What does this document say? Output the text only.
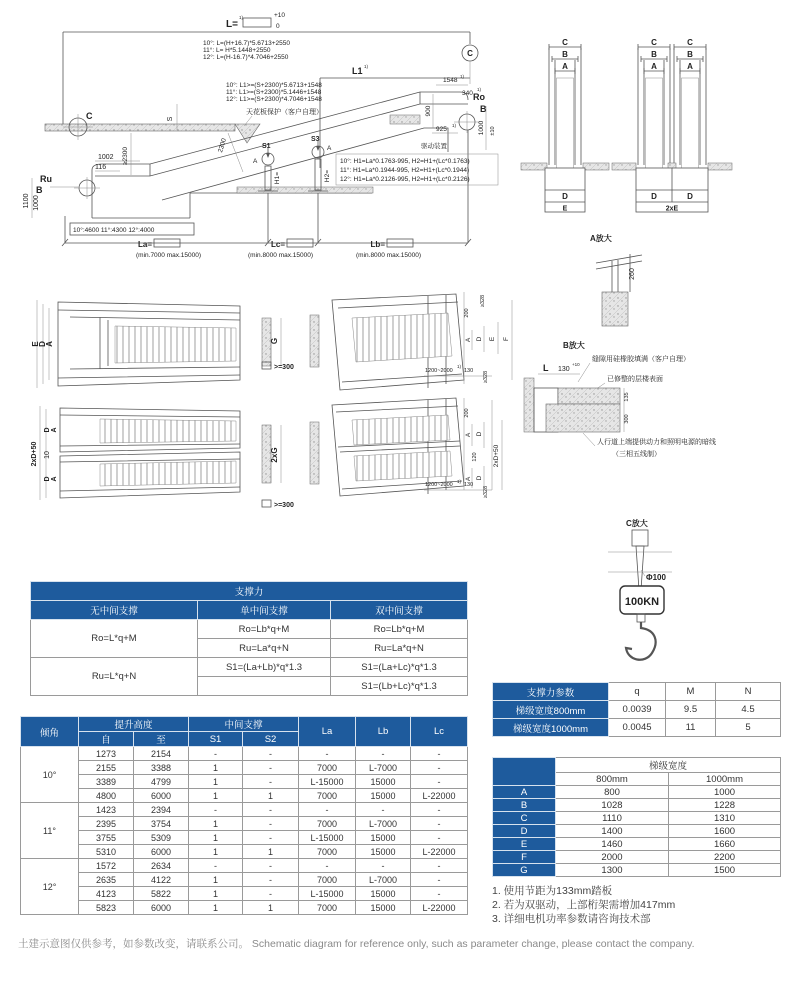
L=
1)	+10
0
10°: L=(H+16.7)*5.6713+2550
11°: L= H*5.1448+2550
12°: L=(H-16.7)*4.7046+2550
L1 1)
10°: L1>=(S+2300)*5.6713+1548
11°: L1>=(S+2300)*5.1446+1548
12°: L1>=(S+2300)*4.7046+1548
天花板保护（客户自理）
C
C
Ru
B
1002
116
1100 1000
≥2300
S
2300
Ro
B
1548
1)
340
1)
900
925
1)	1000 ±10
驱动装置
10°: H1=La*0.1763-995, H2=H1+(Lc*0.1763)
11°: H1=La*0.1944-995, H2=H1+(Lc*0.1944)
12°: H1=La*0.2126-995, H2=H1+(Lc*0.2126)
S1
A
H1=
S3
A
H2=
10°:4600 11°:4300 12°:4000
La=	Lc=	Lb=
(min.7000 max.15000)	(min.8000 max.15000)	(min.8000 max.15000)
C
B
A
D
E
C	C
B	B
A	A
D	D
2xE
A放大
260
B放大
L 130
+10
缝隙用硅橡胶填满（客户自理）
已修整的层楼表面
135
300
人行道上端提供动力和照明电源的暗线
（三相五线制）
C放大
Φ100
100KN
E
D
A	G
>=300
≥328
200
A D E F
1200~2000
1)
130 ≥328
2xD+50
D A
10
D A
2xG
>=300
200
A D
120
A D
2xD+50
1200~2000
1)
130
≥328
支撑力		
无中间支撑	单中间支撑	双中间支撑
Ro=L*q+M	Ro=Lb*q+M	Ro=Lb*q+M
	Ru=La*q+N	Ru=La*q+N
Ru=L*q+N	S1=(La+Lb)*q*1.3	S1=(La+Lc)*q*1.3
		S1=(Lb+Lc)*q*1.3
倾角	提升高度		中间支撑		La	Lb	Lc
	自	至	S1	S2			
10°	1273	2154	-	-	-	-	-
	2155	3388	1	-	7000	L-7000	-
	3389	4799	1	-	L-15000	15000	-
	4800	6000	1	1	7000	15000	L-22000
11°	1423	2394	-	-	-	-	-
	2395	3754	1	-	7000	L-7000	-
	3755	5309	1	-	L-15000	15000	-
	5310	6000	1	1	7000	15000	L-22000
12°	1572	2634	-	-	-	-	-
	2635	4122	1	-	7000	L-7000	-
	4123	5822	1	-	L-15000	15000	-
	5823	6000	1	1	7000	15000	L-22000
支撑力参数	q	M	N
梯级宽度800mm	0.0039	9.5	4.5
梯级宽度1000mm	0.0045	11	5
	梯级宽度	
	800mm	1000mm
A	800	1000
B	1028	1228
C	1110	1310
D	1400	1600
E	1460	1660
F	2000	2200
G	1300	1500
1. 使用节距为133mm踏板
2. 若为双驱动，上部桁架需增加417mm
3. 详细电机功率参数请咨询技术部
土建示意图仅供参考，如参数改变，请联系公司。 Schematic diagram for reference only, such as parameter change, please contact the company.
